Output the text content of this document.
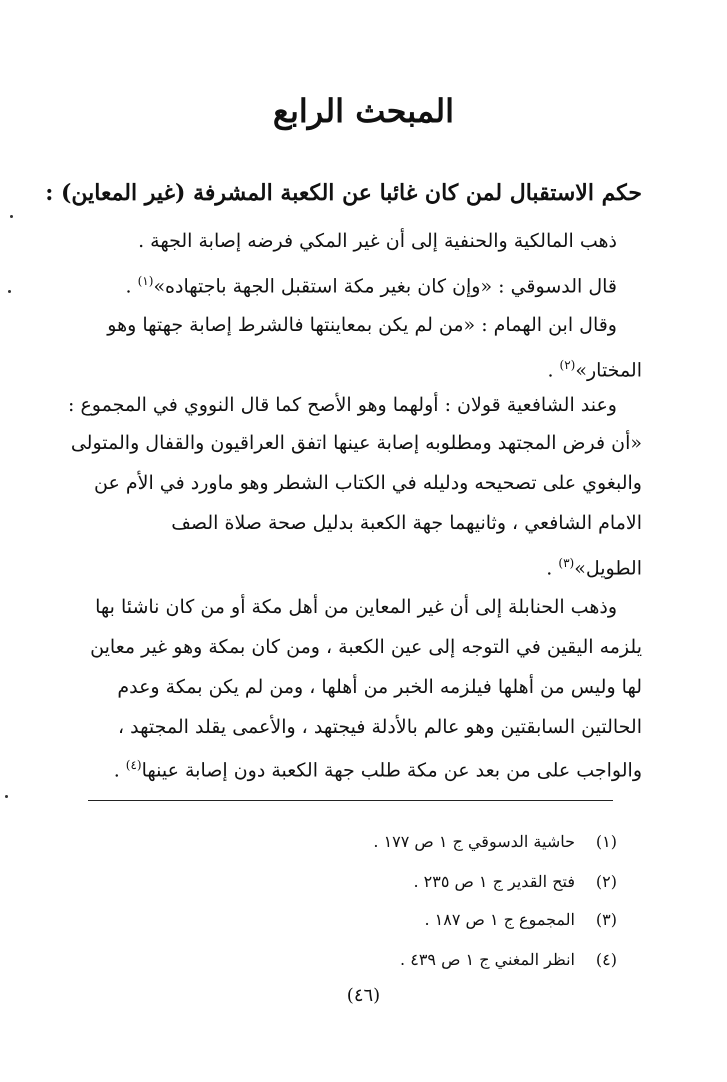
المبحث الرابع
حكم الاستقبال لمن كان غائبا عن الكعبة المشرفة (غير المعاين) :
ذهب المالكية والحنفية إلى أن غير المكي فرضه إصابة الجهة .
قال الدسوقي : «وإن كان بغير مكة استقبل الجهة باجتهاده»$^{(١)}$ .
وقال ابن الهمام : «من لم يكن بمعاينتها فالشرط إصابة جهتها وهو
المختار»$^{(٢)}$ .
وعند الشافعية قولان : أولهما وهو الأصح كما قال النووي في المجموع :
«أن فرض المجتهد ومطلوبه إصابة عينها اتفق العراقيون والقفال والمتولى
والبغوي على تصحيحه ودليله في الكتاب الشطر وهو ماورد في الأم عن
الامام الشافعي ، وثانيهما جهة الكعبة بدليل صحة صلاة الصف
الطويل»$^{(٣)}$ .
وذهب الحنابلة إلى أن غير المعاين من أهل مكة أو من كان ناشئا بها
يلزمه اليقين في التوجه إلى عين الكعبة ، ومن كان بمكة وهو غير معاين
لها وليس من أهلها فيلزمه الخبر من أهلها ، ومن لم يكن بمكة وعدم
الحالتين السابقتين وهو عالم بالأدلة فيجتهد ، والأعمى يقلد المجتهد ،
والواجب على من بعد عن مكة طلب جهة الكعبة دون إصابة عينها$^{(٤)}$ .
(١)حاشية الدسوقي ج ١ ص ١٧٧ .
(٢)فتح القدير ج ١ ص ٢٣٥ .
(٣)المجموع ج ١ ص ١٨٧ .
(٤)انظر المغني ج ١ ص ٤٣٩ .
(٤٦)
